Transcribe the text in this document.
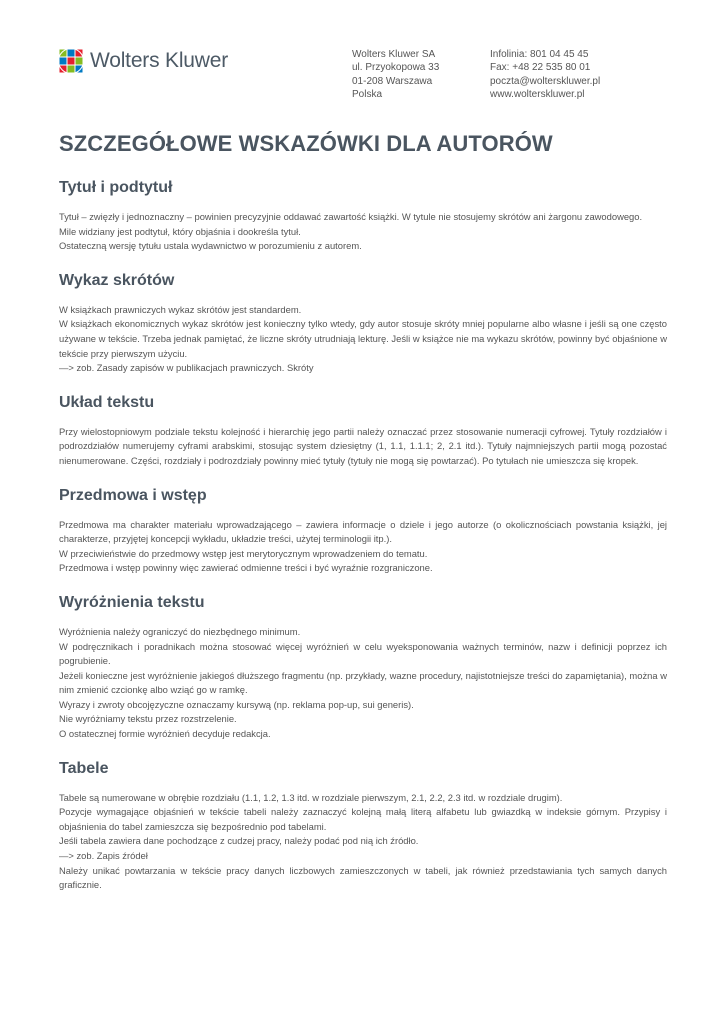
Wolters Kluwer	Wolters Kluwer SA
ul. Przyokopowa 33
01-208 Warszawa
Polska
Infolinia: 801 04 45 45
Fax: +48 22 535 80 01
poczta@wolterskluwer.pl
www.wolterskluwer.pl
SZCZEGÓŁOWE WSKAZÓWKI DLA AUTORÓW
Tytuł i podtytuł

Tytuł – zwięzły i jednoznaczny – powinien precyzyjnie oddawać zawartość książki. W tytule nie stosujemy skrótów ani żargonu zawodowego.

Mile widziany jest podtytuł, który objaśnia i dookreśla tytuł.

Ostateczną wersję tytułu ustala wydawnictwo w porozumieniu z autorem.

Wykaz skrótów

W książkach prawniczych wykaz skrótów jest standardem.

W książkach ekonomicznych wykaz skrótów jest konieczny tylko wtedy, gdy autor stosuje skróty mniej popularne albo własne i jeśli są one często używane w tekście. Trzeba jednak pamiętać, że liczne skróty utrudniają lekturę. Jeśli w książce nie ma wykazu skrótów, powinny być objaśnione w tekście przy pierwszym użyciu.

—> zob. Zasady zapisów w publikacjach prawniczych. Skróty

Układ tekstu

Przy wielostopniowym podziale tekstu kolejność i hierarchię jego partii należy oznaczać przez stosowanie numeracji cyfrowej. Tytuły rozdziałów i podrozdziałów numerujemy cyframi arabskimi, stosując system dziesiętny (1, 1.1, 1.1.1; 2, 2.1 itd.). Tytuły najmniejszych partii mogą pozostać nienumerowane. Części, rozdziały i podrozdziały powinny mieć tytuły (tytuły nie mogą się powtarzać). Po tytułach nie umieszcza się kropek.

Przedmowa i wstęp

Przedmowa ma charakter materiału wprowadzającego – zawiera informacje o dziele i jego autorze (o okolicznościach powstania książki, jej charakterze, przyjętej koncepcji wykładu, układzie treści, użytej terminologii itp.).

W przeciwieństwie do przedmowy wstęp jest merytorycznym wprowadzeniem do tematu.

Przedmowa i wstęp powinny więc zawierać odmienne treści i być wyraźnie rozgraniczone.

Wyróżnienia tekstu

Wyróżnienia należy ograniczyć do niezbędnego minimum.

W podręcznikach i poradnikach można stosować więcej wyróżnień w celu wyeksponowania ważnych terminów, nazw i definicji poprzez ich pogrubienie.

Jeżeli konieczne jest wyróżnienie jakiegoś dłuższego fragmentu (np. przykłady, wazne procedury, najistotniejsze treści do zapamiętania), można w nim zmienić czcionkę albo wziąć go w ramkę.

Wyrazy i zwroty obcojęzyczne oznaczamy kursywą (np. reklama pop-up, sui generis).

Nie wyróżniamy tekstu przez rozstrzelenie.

O ostatecznej formie wyróżnień decyduje redakcja.

Tabele

Tabele są numerowane w obrębie rozdziału (1.1, 1.2, 1.3 itd. w rozdziale pierwszym, 2.1, 2.2, 2.3 itd. w rozdziale drugim).

Pozycje wymagające objaśnień w tekście tabeli należy zaznaczyć kolejną małą literą alfabetu lub gwiazdką w indeksie górnym. Przypisy i objaśnienia do tabel zamieszcza się bezpośrednio pod tabelami.

Jeśli tabela zawiera dane pochodzące z cudzej pracy, należy podać pod nią ich źródło.

—> zob. Zapis źródeł

Należy unikać powtarzania w tekście pracy danych liczbowych zamieszczonych w tabeli, jak również przedstawiania tych samych danych graficznie.
